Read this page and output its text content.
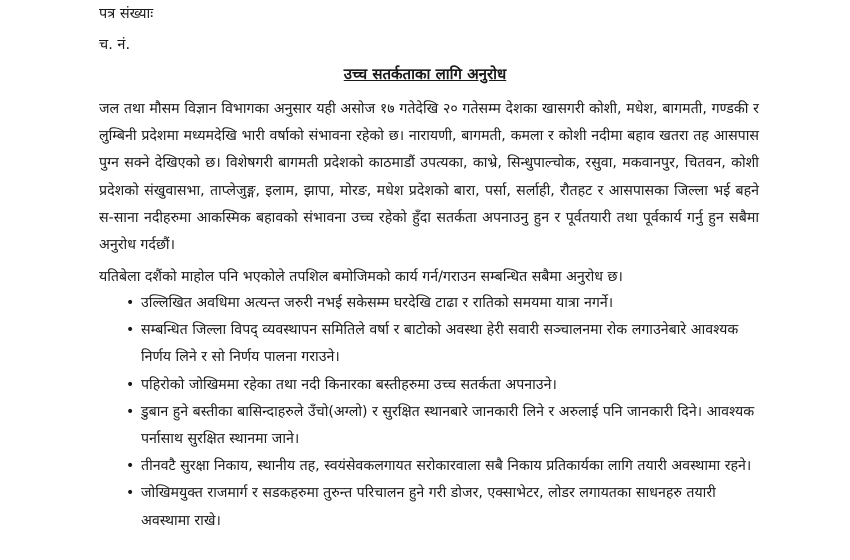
पत्र संख्याः
च. नं.
उच्च सतर्कताका लागि अनुरोध

जल तथा मौसम विज्ञान विभागका अनुसार यही असोज १७ गतेदेखि २० गतेसम्म देशका खासगरी कोशी, मधेश, बागमती, गण्डकी र लुम्बिनी प्रदेशमा मध्यमदेखि भारी वर्षाको संभावना रहेको छ। नारायणी, बागमती, कमला र कोशी नदीमा बहाव खतरा तह आसपास पुग्न सक्ने देखिएको छ। विशेषगरी बागमती प्रदेशको काठमाडौं उपत्यका, काभ्रे, सिन्धुपाल्चोक, रसुवा, मकवानपुर, चितवन, कोशी प्रदेशको संखुवासभा, ताप्लेजुङ्ग, इलाम, झापा, मोरङ, मधेश प्रदेशको बारा, पर्सा, सर्लाही, रौतहट र आसपासका जिल्ला भई बहने स-साना नदीहरुमा आकस्मिक बहावको संभावना उच्च रहेको हुँदा सतर्कता अपनाउनु हुन र पूर्वतयारी तथा पूर्वकार्य गर्नु हुन सबैमा अनुरोध गर्दछौं।

यतिबेला दशैंको माहोल पनि भएकोले तपशिल बमोजिमको कार्य गर्न/गराउन सम्बन्धित सबैमा अनुरोध छ।

• उल्लिखित अवधिमा अत्यन्त जरुरी नभई सकेसम्म घरदेखि टाढा र रातिको समयमा यात्रा नगर्ने।
• सम्बन्धित जिल्ला विपद् व्यवस्थापन समितिले वर्षा र बाटोको अवस्था हेरी सवारी सञ्चालनमा रोक लगाउनेबारे आवश्यक निर्णय लिने र सो निर्णय पालना गराउने।
• पहिरोको जोखिममा रहेका तथा नदी किनारका बस्तीहरुमा उच्च सतर्कता अपनाउने।
• डुबान हुने बस्तीका बासिन्दाहरुले उँचो(अग्लो) र सुरक्षित स्थानबारे जानकारी लिने र अरुलाई पनि जानकारी दिने। आवश्यक पर्नासाथ सुरक्षित स्थानमा जाने।
• तीनवटै सुरक्षा निकाय, स्थानीय तह, स्वयंसेवकलगायत सरोकारवाला सबै निकाय प्रतिकार्यका लागि तयारी अवस्थामा रहने।
• जोखिमयुक्त राजमार्ग र सडकहरुमा तुरुन्त परिचालन हुने गरी डोजर, एक्साभेटर, लोडर लगायतका साधनहरु तयारी अवस्थामा राखे।
